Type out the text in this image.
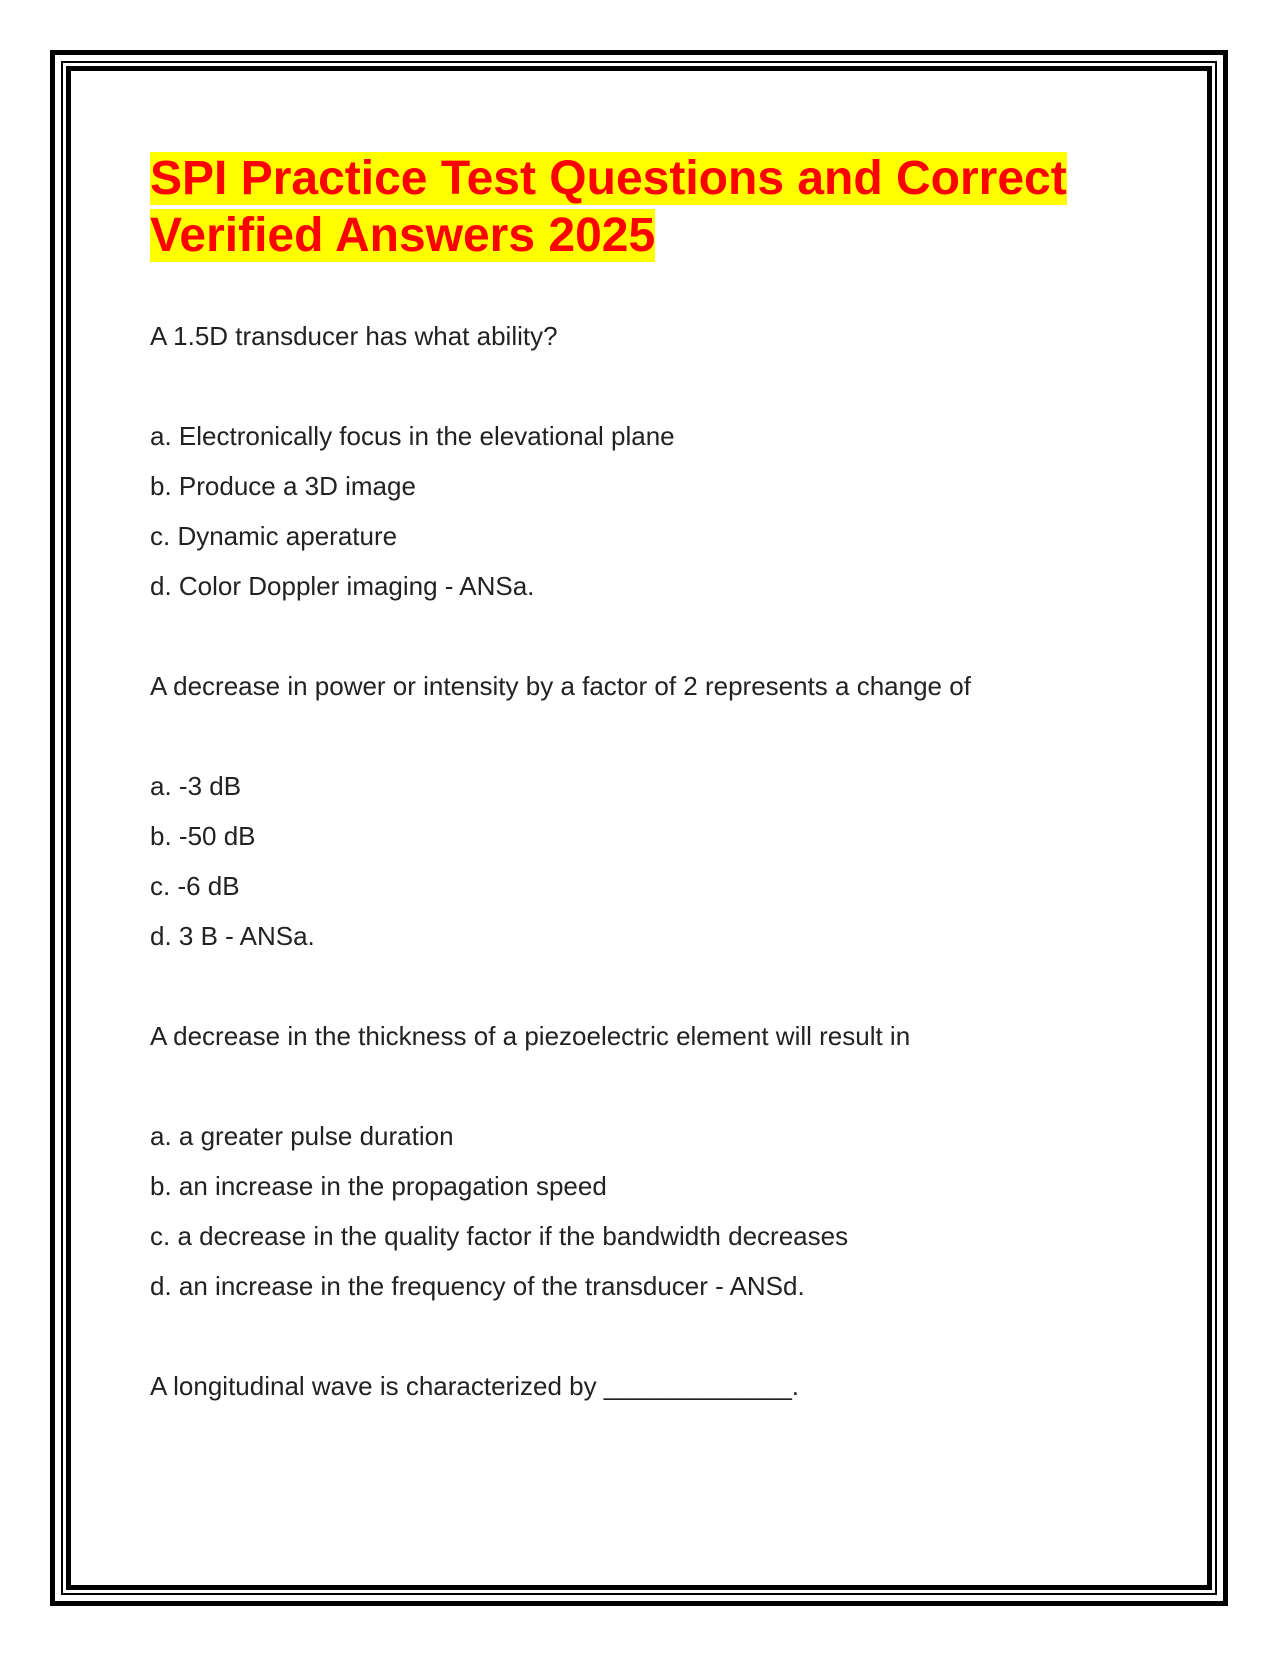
SPI Practice Test Questions and Correct
Verified Answers 2025

A 1.5D transducer has what ability?

a. Electronically focus in the elevational plane

b. Produce a 3D image

c. Dynamic aperature

d. Color Doppler imaging - ANSa.

A decrease in power or intensity by a factor of 2 represents a change of

a. -3 dB

b. -50 dB

c. -6 dB

d. 3 B - ANSa.

A decrease in the thickness of a piezoelectric element will result in

a. a greater pulse duration

b. an increase in the propagation speed

c. a decrease in the quality factor if the bandwidth decreases

d. an increase in the frequency of the transducer - ANSd.

A longitudinal wave is characterized by _____________.
